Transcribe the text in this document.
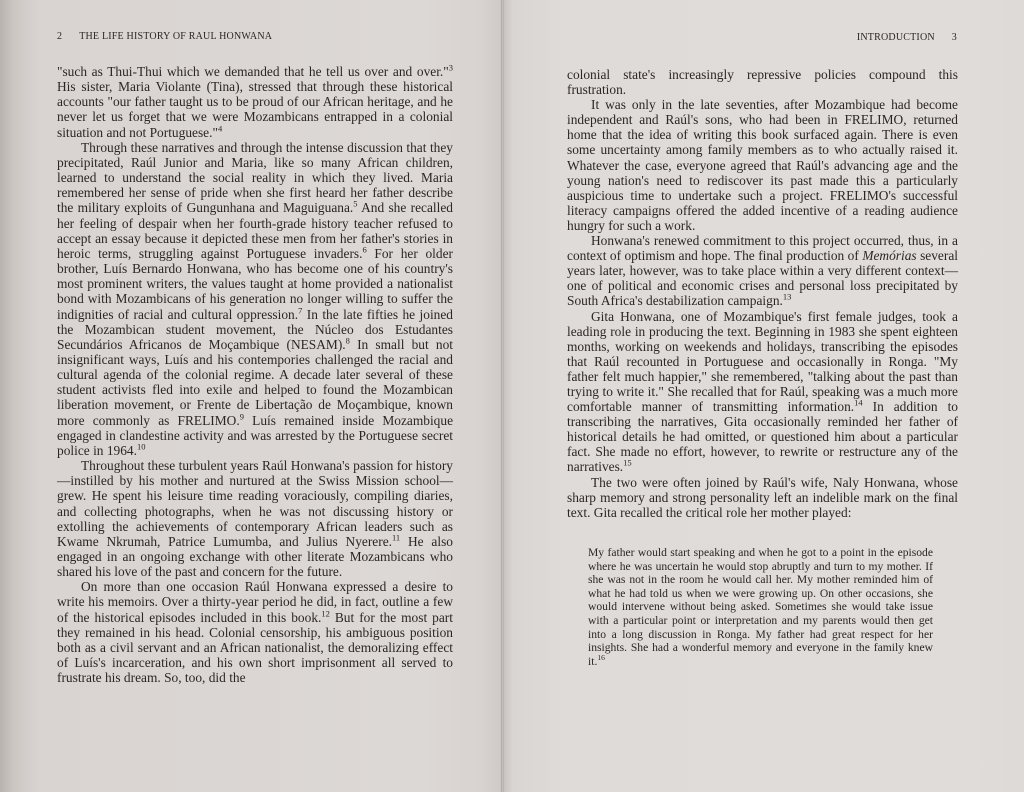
2 THE LIFE HISTORY OF RAUL HONWANA

"such as Thui-Thui which we demanded that he tell us over and over."$^3$ His sister, Maria Violante (Tina), stressed that through these historical accounts "our father taught us to be proud of our African heritage, and he never let us forget that we were Mozambicans entrapped in a colonial situation and not Portuguese."$^4$

Through these narratives and through the intense discussion that they precipitated, Raúl Junior and Maria, like so many African children, learned to understand the social reality in which they lived. Maria remembered her sense of pride when she first heard her father describe the military exploits of Gungunhana and Maguiguana.$^5$ And she recalled her feeling of despair when her fourth-grade history teacher refused to accept an essay because it depicted these men from her father's stories in heroic terms, struggling against Portuguese invaders.$^6$ For her older brother, Luís Bernardo Honwana, who has become one of his country's most prominent writers, the values taught at home provided a nationalist bond with Mozambicans of his generation no longer willing to suffer the indignities of racial and cultural oppression.$^7$ In the late fifties he joined the Mozambican student movement, the Núcleo dos Estudantes Secundários Africanos de Moçambique (NESAM).$^8$ In small but not insignificant ways, Luís and his contempories challenged the racial and cultural agenda of the colonial regime. A decade later several of these student activists fled into exile and helped to found the Mozambican liberation movement, or Frente de Libertação de Moçambique, known more commonly as FRELIMO.$^9$ Luís remained inside Mozambique engaged in clandestine activity and was arrested by the Portuguese secret police in 1964.10

Throughout these turbulent years Raúl Honwana's passion for history—instilled by his mother and nurtured at the Swiss Mission school—grew. He spent his leisure time reading voraciously, compiling diaries, and collecting photographs, when he was not discussing history or extolling the achievements of contemporary African leaders such as Kwame Nkrumah, Patrice Lumumba, and Julius Nyerere.$^{11}$ He also engaged in an ongoing exchange with other literate Mozambicans who shared his love of the past and concern for the future.

On more than one occasion Raúl Honwana expressed a desire to write his memoirs. Over a thirty-year period he did, in fact, outline a few of the historical episodes included in this book.$^{12}$ But for the most part they remained in his head. Colonial censorship, his ambiguous position both as a civil servant and an African nationalist, the demoralizing effect of Luís's incarceration, and his own short imprisonment all served to frustrate his dream. So, too, did the

INTRODUCTION 3

colonial state's increasingly repressive policies compound this frustration.

It was only in the late seventies, after Mozambique had become independent and Raúl's sons, who had been in FRELIMO, returned home that the idea of writing this book surfaced again. There is even some uncertainty among family members as to who actually raised it. Whatever the case, everyone agreed that Raúl's advancing age and the young nation's need to rediscover its past made this a particularly auspicious time to undertake such a project. FRELIMO's successful literacy campaigns offered the added incentive of a reading audience hungry for such a work.

Honwana's renewed commitment to this project occurred, thus, in a context of optimism and hope. The final production of Memórias several years later, however, was to take place within a very different context—one of political and economic crises and personal loss precipitated by South Africa's destabilization campaign.$^{13}$

Gita Honwana, one of Mozambique's first female judges, took a leading role in producing the text. Beginning in 1983 she spent eighteen months, working on weekends and holidays, transcribing the episodes that Raúl recounted in Portuguese and occasionally in Ronga. "My father felt much happier," she remembered, "talking about the past than trying to write it." She recalled that for Raúl, speaking was a much more comfortable manner of transmitting information.$^{14}$ In addition to transcribing the narratives, Gita occasionally reminded her father of historical details he had omitted, or questioned him about a particular fact. She made no effort, however, to rewrite or restructure any of the narratives.$^{15}$

The two were often joined by Raúl's wife, Naly Honwana, whose sharp memory and strong personality left an indelible mark on the final text. Gita recalled the critical role her mother played:

My father would start speaking and when he got to a point in the episode where he was uncertain he would stop abruptly and turn to my mother. If she was not in the room he would call her. My mother reminded him of what he had told us when we were growing up. On other occasions, she would intervene without being asked. Sometimes she would take issue with a particular point or interpretation and my parents would then get into a long discussion in Ronga. My father had great respect for her insights. She had a wonderful memory and everyone in the family knew it.$^{16}$
